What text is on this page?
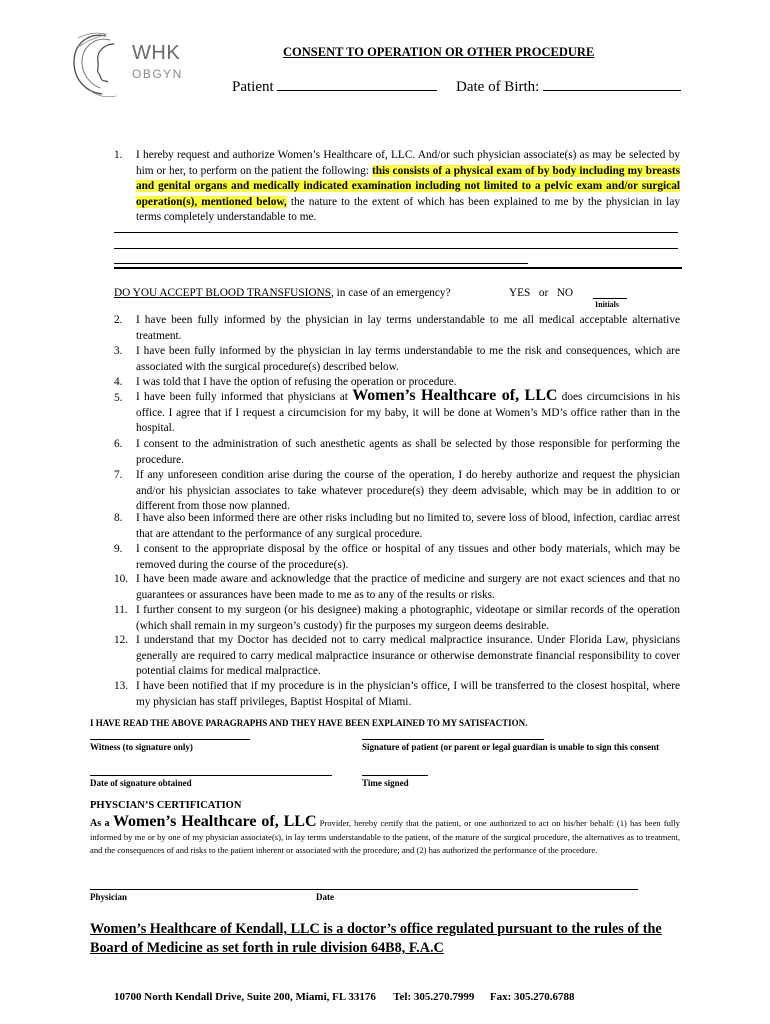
WHK
OBGYN
CONSENT TO OPERATION OR OTHER PROCEDURE
Patient	Date of Birth:
1. I hereby request and authorize Women’s Healthcare of, LLC. And/or such physician associate(s) as may be selected by him or her, to perform on the patient the following: this consists of a physical exam of by body including my breasts and genital organs and medically indicated examination including not limited to a pelvic exam and/or surgical operation(s), mentioned below, the nature to the extent of which has been explained to me by the physician in lay terms completely understandable to me.
DO YOU ACCEPT BLOOD TRANSFUSIONS, in case of an emergency?	YES   or   NO
Initials
2. I have been fully informed by the physician in lay terms understandable to me all medical acceptable alternative treatment.
3. I have been fully informed by the physician in lay terms understandable to me the risk and consequences, which are associated with the surgical procedure(s) described below.
4. I was told that I have the option of refusing the operation or procedure.
5. I have been fully informed that physicians at Women’s Healthcare of, LLC does circumcisions in his office. I agree that if I request a circumcision for my baby, it will be done at Women’s MD’s office rather than in the hospital.
6. I consent to the administration of such anesthetic agents as shall be selected by those responsible for performing the procedure.
7. If any unforeseen condition arise during the course of the operation, I do hereby authorize and request the physician and/or his physician associates to take whatever procedure(s) they deem advisable, which may be in addition to or different from those now planned.
8. I have also been informed there are other risks including but no limited to, severe loss of blood, infection, cardiac arrest that are attendant to the performance of any surgical procedure.
9. I consent to the appropriate disposal by the office or hospital of any tissues and other body materials, which may be removed during the course of the procedure(s).
10. I have been made aware and acknowledge that the practice of medicine and surgery are not exact sciences and that no guarantees or assurances have been made to me as to any of the results or risks.
11. I further consent to my surgeon (or his designee) making a photographic, videotape or similar records of the operation (which shall remain in my surgeon’s custody) fir the purposes my surgeon deems desirable.
12. I understand that my Doctor has decided not to carry medical malpractice insurance. Under Florida Law, physicians generally are required to carry medical malpractice insurance or otherwise demonstrate financial responsibility to cover potential claims for medical malpractice.
13. I have been notified that if my procedure is in the physician’s office, I will be transferred to the closest hospital, where my physician has staff privileges, Baptist Hospital of Miami.
I HAVE READ THE ABOVE PARAGRAPHS AND THEY HAVE BEEN EXPLAINED TO MY SATISFACTION.
Witness (to signature only)	Signature of patient (or parent or legal guardian is unable to sign this consent
Date of signature obtained	Time signed
PHYSCIAN’S CERTIFICATION
As a Women’s Healthcare of, LLC Provider, hereby certify that the patient, or one authorized to act on his/her behalf: (1) has been fully informed by me or by one of my physician associate(s), in lay terms understandable to the patient, of the mature of the surgical procedure, the alternatives as to treatment, and the consequences of and risks to the patient inherent or associated with the procedure; and (2) has authorized the performance of the procedure.
Physician	Date
Women’s Healthcare of Kendall, LLC is a doctor’s office regulated pursuant to the rules of the Board of Medicine as set forth in rule division 64B8, F.A.C
10700 North Kendall Drive, Suite 200, Miami, FL 33176 Tel: 305.270.7999 Fax: 305.270.6788
